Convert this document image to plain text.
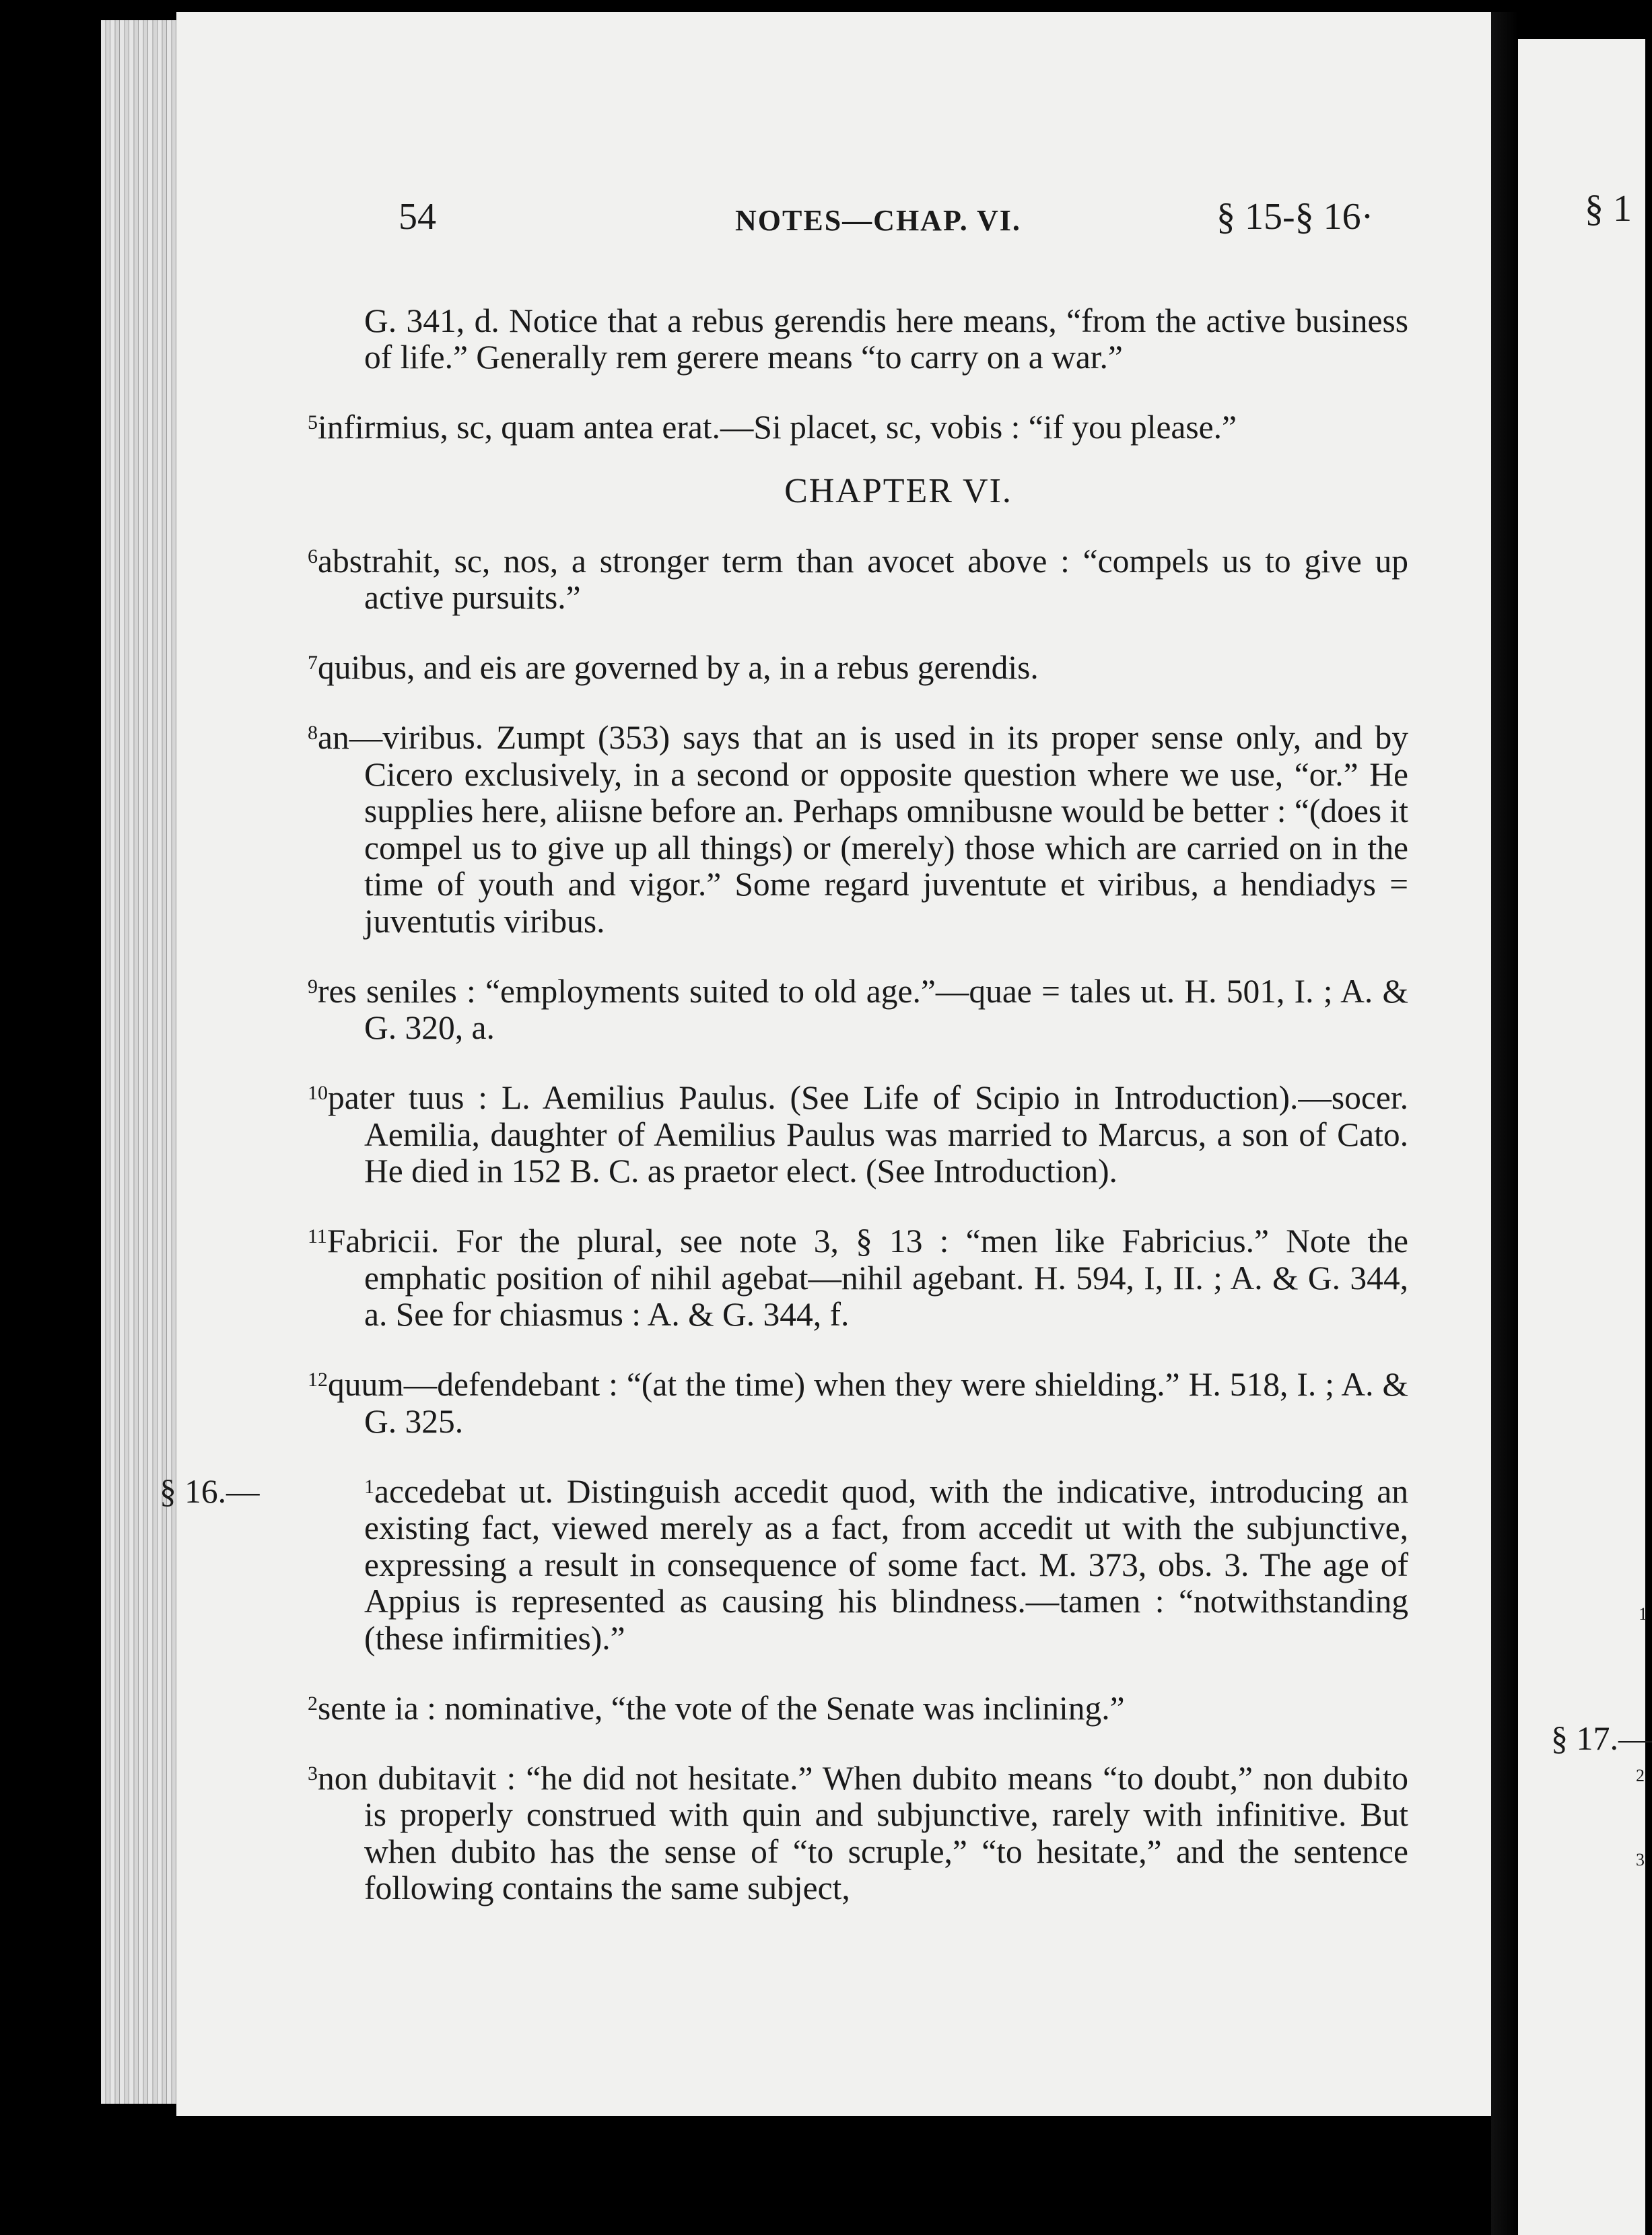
54	NOTES—CHAP. VI.	§ 15-§ 16·

G. 341, d. Notice that a rebus gerendis here means, “from the active business of life.” Generally rem gerere means “to carry on a war.”

$^5$infirmius, sc, quam antea erat.—Si placet, sc, vobis : “if you please.”

CHAPTER VI.

$^6$abstrahit, sc, nos, a stronger term than avocet above : “compels us to give up active pursuits.”

$^7$quibus, and eis are governed by a, in a rebus gerendis.

$^8$an—viribus. Zumpt (353) says that an is used in its proper sense only, and by Cicero exclusively, in a second or opposite question where we use, “or.” He supplies here, aliisne before an. Perhaps omnibusne would be better : “(does it compel us to give up all things) or (merely) those which are carried on in the time of youth and vigor.” Some regard juventute et viribus, a hendiadys = juventutis viribus.

$^9$res seniles : “employments suited to old age.”—quae = tales ut. H. 501, I. ; A. & G. 320, a.

$^{10}$pater tuus : L. Aemilius Paulus. (See Life of Scipio in Introduction).—socer. Aemilia, daughter of Aemilius Paulus was married to Marcus, a son of Cato. He died in 152 B. C. as praetor elect. (See Introduction).

$^{11}$Fabricii. For the plural, see note 3, § 13 : “men like Fabricius.” Note the emphatic position of nihil agebat—nihil agebant. H. 594, I, II. ; A. & G. 344, a. See for chiasmus : A. & G. 344, f.

$^{12}$quum—defendebant : “(at the time) when they were shielding.” H. 518, I. ; A. & G. 325.

§ 16.—	$^1$accedebat ut. Distinguish accedit quod, with the indicative, introducing an existing fact, viewed merely as a fact, from accedit ut with the subjunctive, expressing a result in consequence of some fact. M. 373, obs. 3. The age of Appius is represented as causing his blindness.—tamen : “notwithstanding (these infirmities).”

$^2$sente ia : nominative, “the vote of the Senate was inclining.”

$^3$non dubitavit : “he did not hesitate.” When dubito means “to doubt,” non dubito is properly construed with quin and subjunctive, rarely with infinitive. But when dubito has the sense of “to scruple,” “to hesitate,” and the sentence following contains the same subject,

§ 1
§ 17.—
1
2
3
